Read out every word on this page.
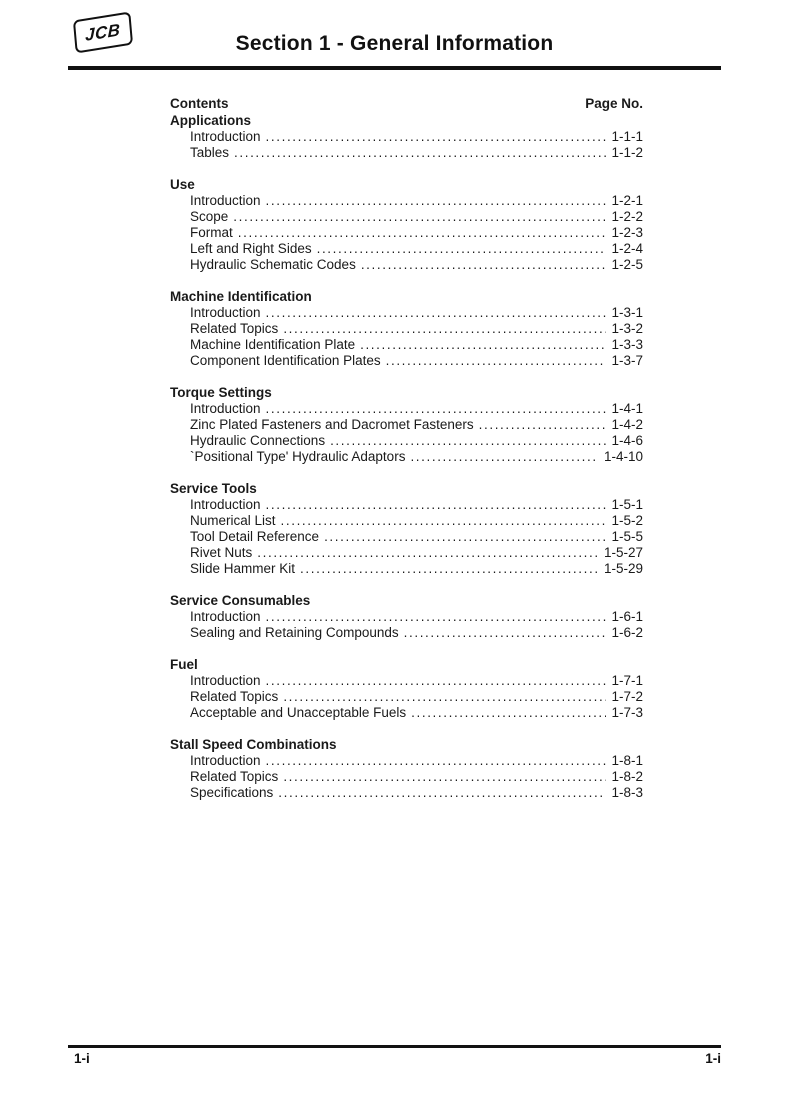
JCB	Section 1 - General Information
Contents	Page No.
Applications
Introduction .....	1-1-1
Tables .....	1-1-2
Use
Introduction .....	1-2-1
Scope .....	1-2-2
Format .....	1-2-3
Left and Right Sides .....	1-2-4
Hydraulic Schematic Codes .....	1-2-5
Machine Identification
Introduction .....	1-3-1
Related Topics .....	1-3-2
Machine Identification Plate .....	1-3-3
Component Identification Plates .....	1-3-7
Torque Settings
Introduction .....	1-4-1
Zinc Plated Fasteners and Dacromet Fasteners .....	1-4-2
Hydraulic Connections .....	1-4-6
`Positional Type' Hydraulic Adaptors .....	1-4-10
Service Tools
Introduction .....	1-5-1
Numerical List .....	1-5-2
Tool Detail Reference .....	1-5-5
Rivet Nuts .....	1-5-27
Slide Hammer Kit .....	1-5-29
Service Consumables
Introduction .....	1-6-1
Sealing and Retaining Compounds .....	1-6-2
Fuel
Introduction .....	1-7-1
Related Topics .....	1-7-2
Acceptable and Unacceptable Fuels .....	1-7-3
Stall Speed Combinations
Introduction .....	1-8-1
Related Topics .....	1-8-2
Specifications .....	1-8-3
1-i	1-i
